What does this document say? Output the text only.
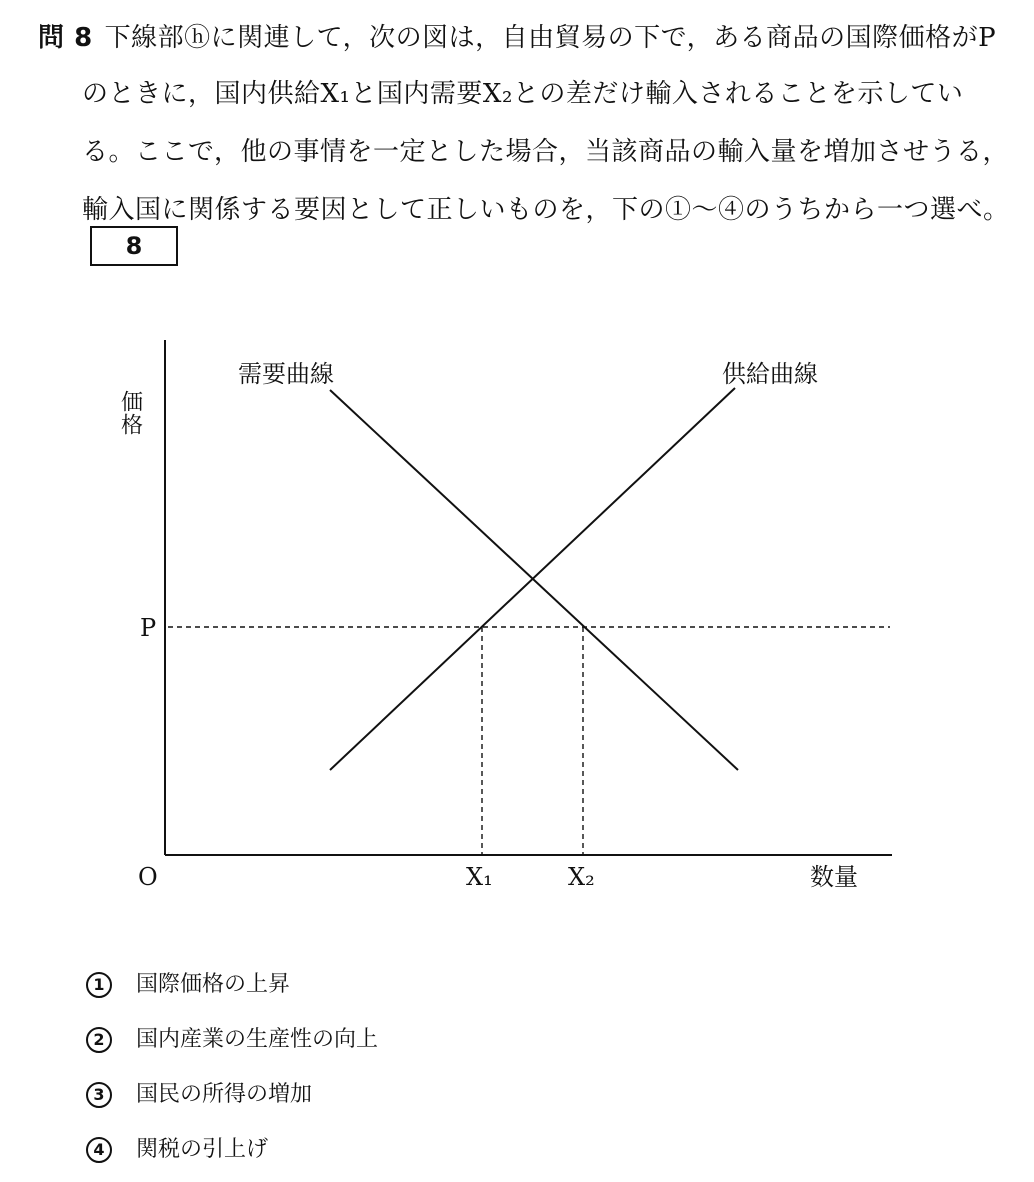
問 8 下線部ⓗに関連して，次の図は，自由貿易の下で，ある商品の国際価格がP
のときに，国内供給X₁と国内需要X₂との差だけ輸入されることを示してい
る。ここで，他の事情を一定とした場合，当該商品の輸入量を増加させうる，
輸入国に関係する要因として正しいものを，下の①～④のうちから一つ選べ。
8
価格
需要曲線	供給曲線
P
O	X₁	X₂	数量
1 国際価格の上昇
2 国内産業の生産性の向上
3 国民の所得の増加
4 関税の引上げ
